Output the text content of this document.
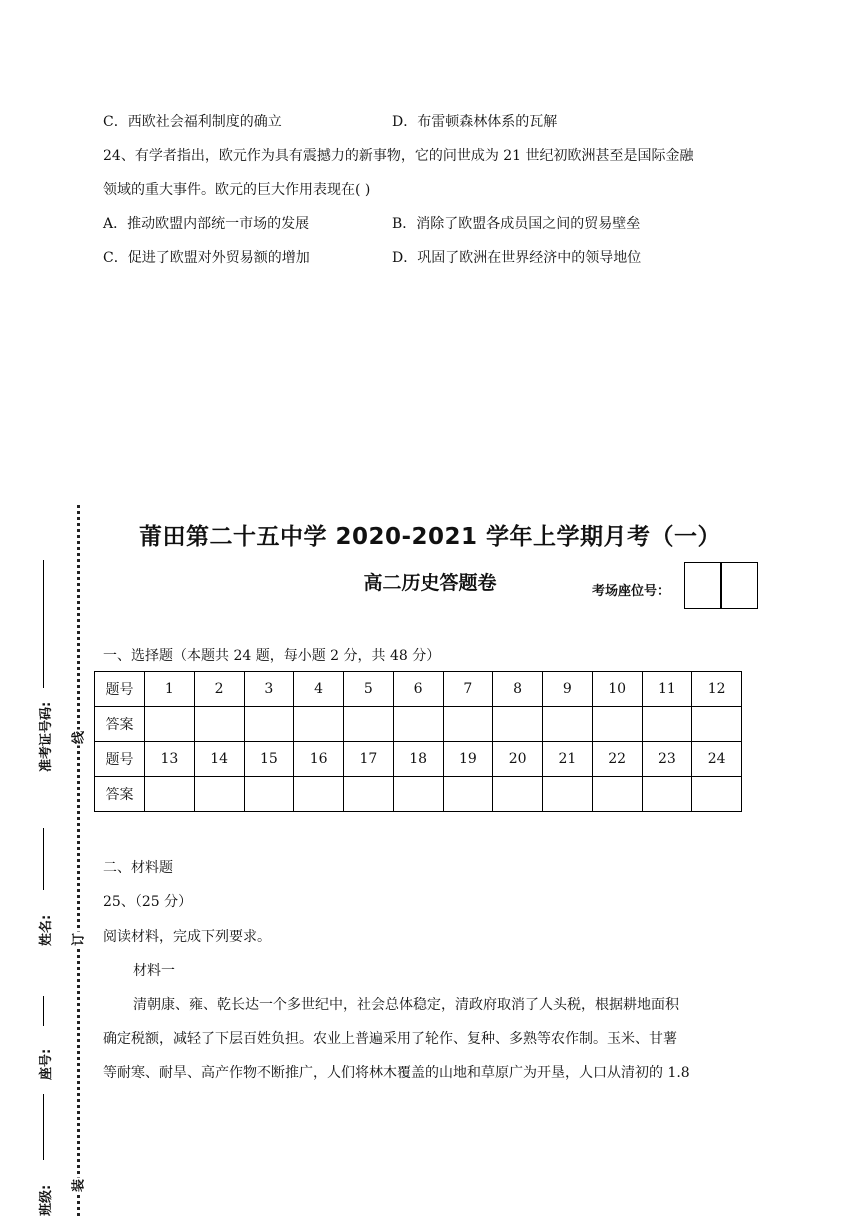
C．西欧社会福利制度的确立	D．布雷顿森林体系的瓦解
24、有学者指出，欧元作为具有震撼力的新事物，它的问世成为 21 世纪初欧洲甚至是国际金融
领域的重大事件。欧元的巨大作用表现在( )
A．推动欧盟内部统一市场的发展	B．消除了欧盟各成员国之间的贸易壁垒
C．促进了欧盟对外贸易额的增加	D．巩固了欧洲在世界经济中的领导地位
线
订
装
准考证号码:
姓名:
座号:
班级:
莆田第二十五中学 2020-2021 学年上学期月考（一）
高二历史答题卷	考场座位号：
一、选择题（本题共 24 题，每小题 2 分，共 48 分）
题号	1	2	3	4	5	6	7	8	9	10	11	12
答案												
题号	13	14	15	16	17	18	19	20	21	22	23	24
答案												
二、材料题
25、（25 分）
阅读材料，完成下列要求。
材料一
清朝康、雍、乾长达一个多世纪中，社会总体稳定，清政府取消了人头税，根据耕地面积
确定税额，减轻了下层百姓负担。农业上普遍采用了轮作、复种、多熟等农作制。玉米、甘薯
等耐寒、耐旱、高产作物不断推广，人们将林木覆盖的山地和草原广为开垦，人口从清初的 1.8
